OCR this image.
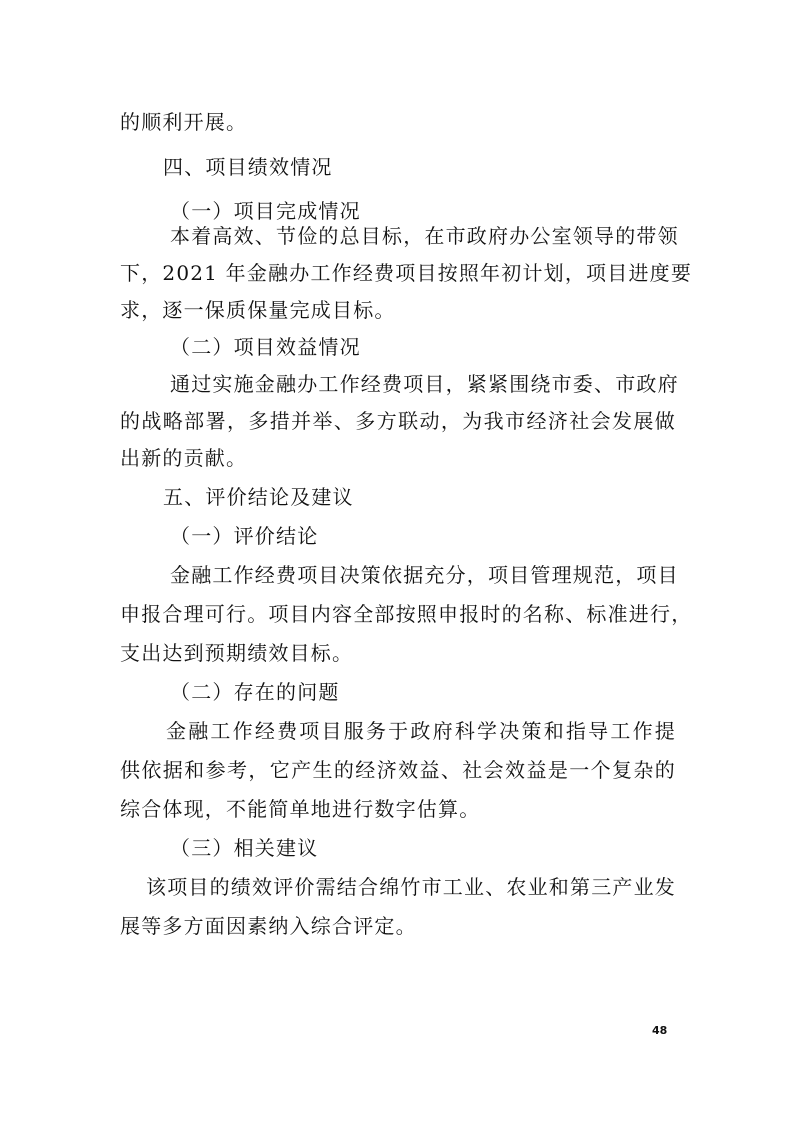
的顺利开展。
四、项目绩效情况
（一）项目完成情况
本着高效、节俭的总目标，在市政府办公室领导的带领
下，2021 年金融办工作经费项目按照年初计划，项目进度要
求，逐一保质保量完成目标。
（二）项目效益情况
通过实施金融办工作经费项目，紧紧围绕市委、市政府
的战略部署，多措并举、多方联动，为我市经济社会发展做
出新的贡献。
五、评价结论及建议
（一）评价结论
金融工作经费项目决策依据充分，项目管理规范，项目
申报合理可行。项目内容全部按照申报时的名称、标准进行，
支出达到预期绩效目标。
（二）存在的问题
金融工作经费项目服务于政府科学决策和指导工作提
供依据和参考，它产生的经济效益、社会效益是一个复杂的
综合体现，不能简单地进行数字估算。
（三）相关建议
该项目的绩效评价需结合绵竹市工业、农业和第三产业发
展等多方面因素纳入综合评定。
48
